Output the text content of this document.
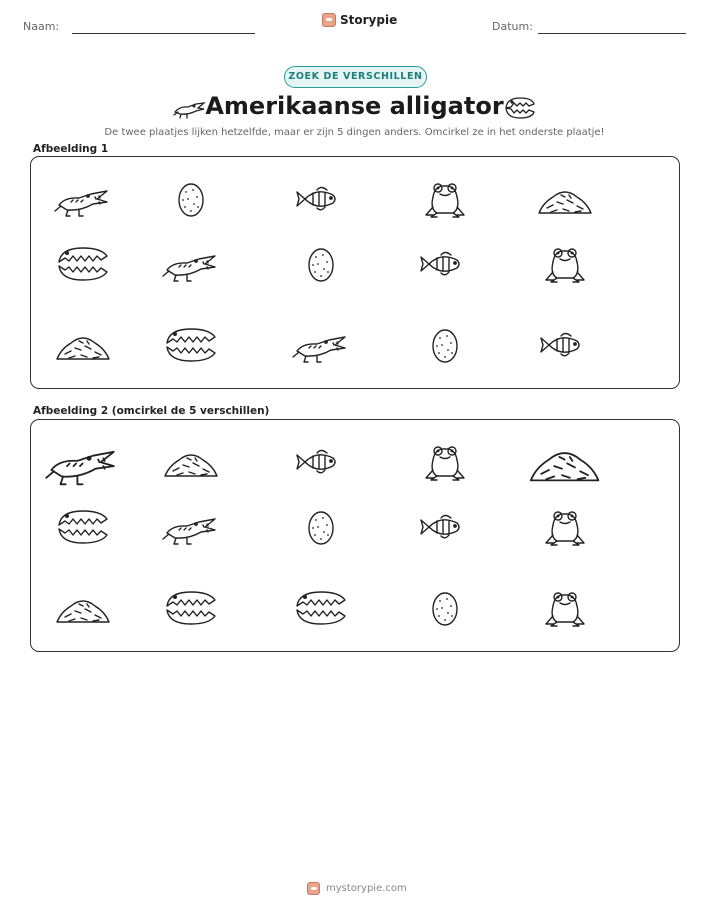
Naam:	Storypie	Datum:
ZOEK DE VERSCHILLEN
Amerikaanse alligator
De twee plaatjes lijken hetzelfde, maar er zijn 5 dingen anders. Omcirkel ze in het onderste plaatje!
Afbeelding 1
Afbeelding 2 (omcirkel de 5 verschillen)
mystorypie.com
